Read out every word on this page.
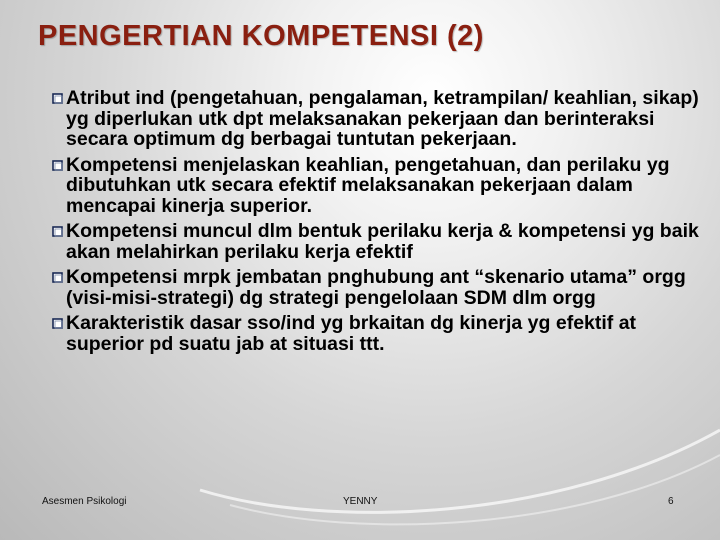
PENGERTIAN KOMPETENSI (2)
Atribut ind (pengetahuan, pengalaman, ketrampilan/ keahlian, sikap) yg diperlukan utk dpt melaksanakan pekerjaan dan berinteraksi secara optimum dg berbagai tuntutan pekerjaan.
Kompetensi menjelaskan keahlian, pengetahuan, dan perilaku yg dibutuhkan utk secara efektif melaksanakan pekerjaan dalam mencapai kinerja superior.
Kompetensi muncul dlm bentuk perilaku kerja & kompetensi yg baik akan melahirkan perilaku kerja efektif
Kompetensi mrpk jembatan pnghubung ant “skenario utama” orgg (visi-misi-strategi) dg strategi pengelolaan SDM dlm orgg
Karakteristik dasar sso/ind yg brkaitan dg kinerja yg efektif at superior pd suatu jab at situasi ttt.
Asesmen Psikologi	YENNY	6
